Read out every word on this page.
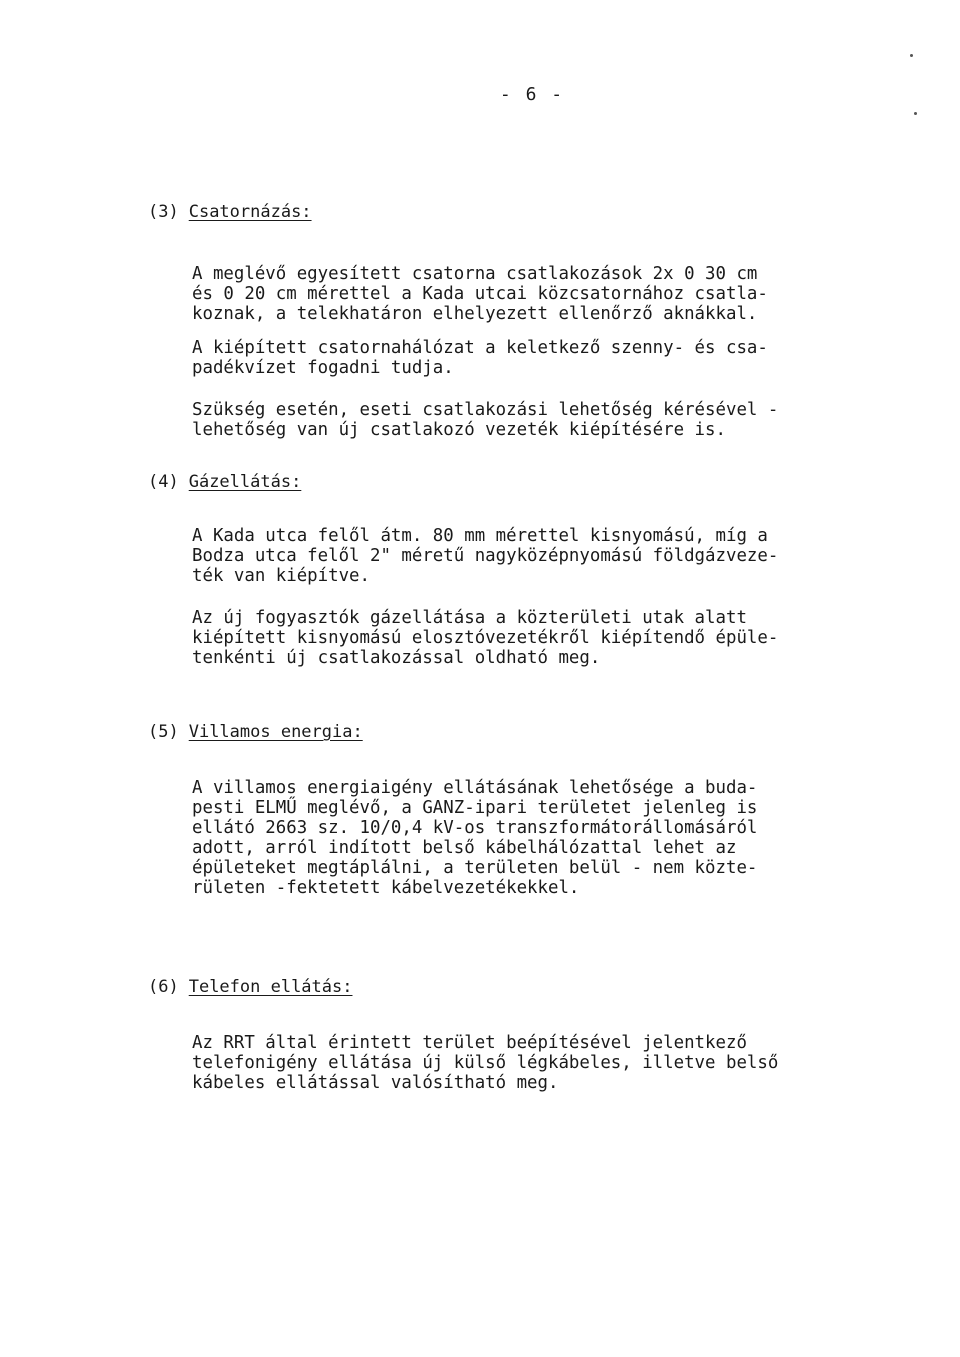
- 6 -

(3) Csatornázás:

A meglévő egyesített csatorna csatlakozások 2x 0 30 cm
és 0 20 cm mérettel a Kada utcai közcsatornához csatla-
koznak, a telekhatáron elhelyezett ellenőrző aknákkal.

A kiépített csatornahálózat a keletkező szenny- és csa-
padékvízet fogadni tudja.

Szükség esetén, eseti csatlakozási lehetőség kérésével -
lehetőség van új csatlakozó vezeték kiépítésére is.

(4) Gázellátás:

A Kada utca felől átm. 80 mm mérettel kisnyomású, míg a
Bodza utca felől 2" méretű nagyközépnyomású földgázveze-
ték van kiépítve.

Az új fogyasztók gázellátása a közterületi utak alatt
kiépített kisnyomású elosztóvezetékről kiépítendő épüle-
tenkénti új csatlakozással oldható meg.

(5) Villamos energia:

A villamos energiaigény ellátásának lehetősége a buda-
pesti ELMŰ meglévő, a GANZ-ipari területet jelenleg is
ellátó 2663 sz. 10/0,4 kV-os transzformátorállomásáról
adott, arról indított belső kábelhálózattal lehet az
épületeket megtáplálni, a területen belül - nem közte-
rületen -fektetett kábelvezetékekkel.

(6) Telefon ellátás:

Az RRT által érintett terület beépítésével jelentkező
telefonigény ellátása új külső légkábeles, illetve belső
kábeles ellátással valósítható meg.
